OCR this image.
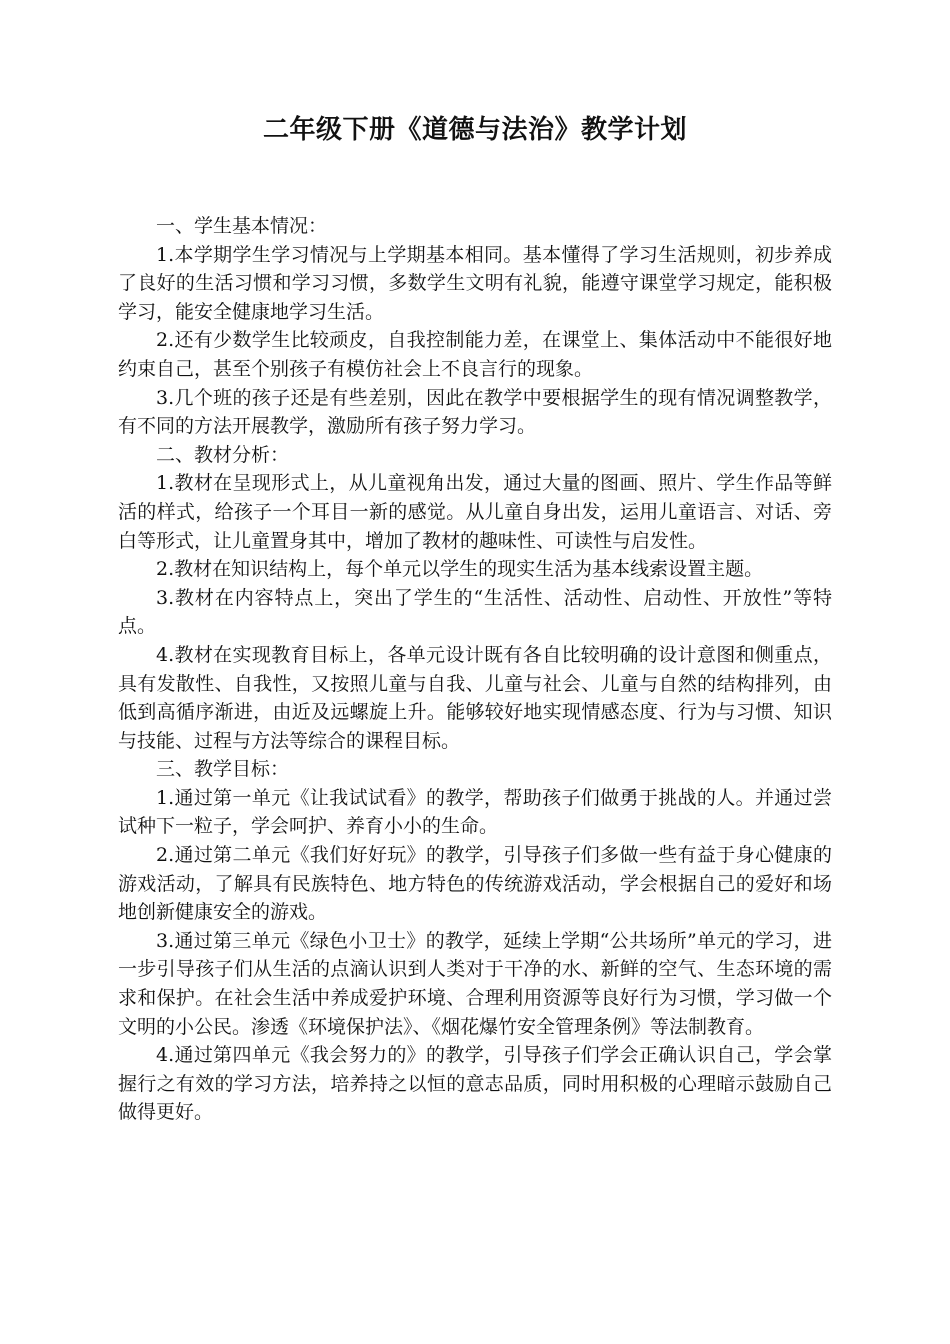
二年级下册《道德与法治》教学计划

一、学生基本情况：

1.本学期学生学习情况与上学期基本相同。基本懂得了学习生活规则，初步养成了良好的生活习惯和学习习惯，多数学生文明有礼貌，能遵守课堂学习规定，能积极学习，能安全健康地学习生活。

2.还有少数学生比较顽皮，自我控制能力差，在课堂上、集体活动中不能很好地约束自己，甚至个别孩子有模仿社会上不良言行的现象。

3.几个班的孩子还是有些差别，因此在教学中要根据学生的现有情况调整教学，有不同的方法开展教学，激励所有孩子努力学习。

二、教材分析：

1.教材在呈现形式上，从儿童视角出发，通过大量的图画、照片、学生作品等鲜活的样式，给孩子一个耳目一新的感觉。从儿童自身出发，运用儿童语言、对话、旁白等形式，让儿童置身其中，增加了教材的趣味性、可读性与启发性。

2.教材在知识结构上，每个单元以学生的现实生活为基本线索设置主题。

3.教材在内容特点上，突出了学生的“生活性、活动性、启动性、开放性”等特点。

4.教材在实现教育目标上，各单元设计既有各自比较明确的设计意图和侧重点，具有发散性、自我性，又按照儿童与自我、儿童与社会、儿童与自然的结构排列，由低到高循序渐进，由近及远螺旋上升。能够较好地实现情感态度、行为与习惯、知识与技能、过程与方法等综合的课程目标。

三、教学目标：

1.通过第一单元《让我试试看》的教学，帮助孩子们做勇于挑战的人。并通过尝试种下一粒子，学会呵护、养育小小的生命。

2.通过第二单元《我们好好玩》的教学，引导孩子们多做一些有益于身心健康的游戏活动，了解具有民族特色、地方特色的传统游戏活动，学会根据自己的爱好和场地创新健康安全的游戏。

3.通过第三单元《绿色小卫士》的教学，延续上学期“公共场所”单元的学习，进一步引导孩子们从生活的点滴认识到人类对于干净的水、新鲜的空气、生态环境的需求和保护。在社会生活中养成爱护环境、合理利用资源等良好行为习惯，学习做一个文明的小公民。渗透《环境保护法》、《烟花爆竹安全管理条例》等法制教育。

4.通过第四单元《我会努力的》的教学，引导孩子们学会正确认识自己，学会掌握行之有效的学习方法，培养持之以恒的意志品质，同时用积极的心理暗示鼓励自己做得更好。
